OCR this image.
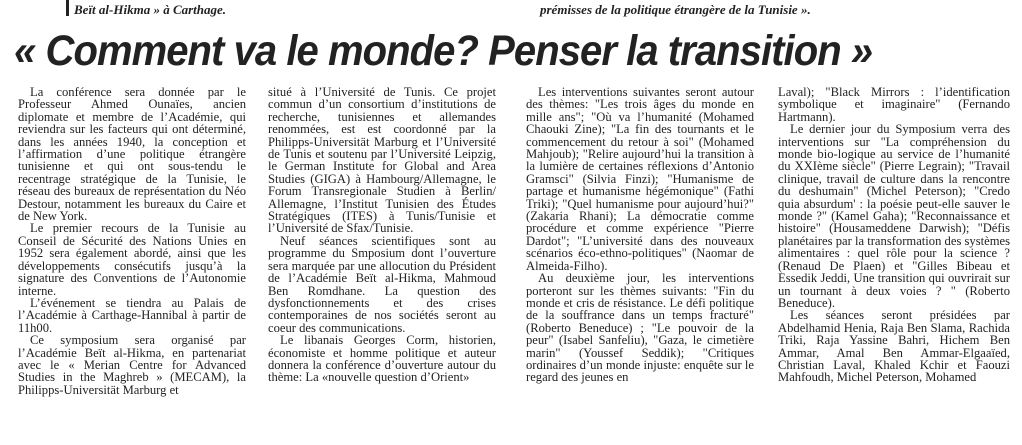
Beït al-Hikma » à Carthage.	prémisses de la politique étrangère de la Tunisie ».
« Comment va le monde? Penser la transition »

La conférence sera donnée par le Professeur Ahmed Ounaïes, ancien diplomate et membre de l’Académie, qui reviendra sur les facteurs qui ont déterminé, dans les années 1940, la conception et l’affirmation d’une politique étrangère tunisienne et qui ont sous-tendu le recentrage stratégique de la Tunisie, le réseau des bureaux de représentation du Néo Destour, notamment les bureaux du Caire et de New York.

Le premier recours de la Tunisie au Conseil de Sécurité des Nations Unies en 1952 sera également abordé, ainsi que les développements consécutifs jusqu’à la signature des Conventions de l’Autonomie interne.

L’événement se tiendra au Palais de l’Académie à Carthage-Hannibal à partir de 11h00.

Ce symposium sera organisé par l’Académie Beït al-Hikma, en partenariat avec le « Merian Centre for Advanced Studies in the Maghreb » (MECAM), la Philipps-Universität Marburg et

situé à l’Université de Tunis. Ce projet commun d’un consortium d’institutions de recherche, tunisiennes et allemandes renommées, est est coordonné par la Philipps-Universität Marburg et l’Université de Tunis et soutenu par l’Université Leipzig, le German Institute for Global and Area Studies (GIGA) à Hambourg/Allemagne, le Forum Transregionale Studien à Berlin/ Allemagne, l’Institut Tunisien des Études Stratégiques (ITES) à Tunis/Tunisie et l’Université de Sfax/Tunisie.

Neuf séances scientifiques sont au programme du Smposium dont l’ouverture sera marquée par une allocution du Président de l’Académie Beït al-Hikma, Mahmoud Ben Romdhane. La question des dysfonctionnements et des crises contemporaines de nos sociétés seront au coeur des communications.

Le libanais Georges Corm, historien, économiste et homme politique et auteur donnera la conférence d’ouverture autour du thème: La «nouvelle question d’Orient»

Les interventions suivantes seront autour des thèmes: "Les trois âges du monde en mille ans"; "Où va l’humanité (Mohamed Chaouki Zine); "La fin des tournants et le commencement du retour à soi" (Mohamed Mahjoub); "Relire aujourd’hui la transition à la lumière de certaines réflexions d’Antonio Gramsci" (Silvia Finzi); "Humanisme de partage et humanisme hégémonique" (Fathi Triki); "Quel humanisme pour aujourd’hui?" (Zakaria Rhani); La démocratie comme procédure et comme expérience "Pierre Dardot"; "L’université dans des nouveaux scénarios éco-ethno-politiques" (Naomar de Almeida-Filho).

Au deuxième jour, les interventions porteront sur les thèmes suivants: "Fin du monde et cris de résistance. Le défi politique de la souffrance dans un temps fracturé" (Roberto Beneduce) ; "Le pouvoir de la peur" (Isabel Sanfeliu), "Gaza, le cimetière marin" (Youssef Seddik); "Critiques ordinaires d’un monde injuste: enquête sur le regard des jeunes en

Laval); "Black Mirrors : l’identification symbolique et imaginaire" (Fernando Hartmann).

Le dernier jour du Symposium verra des interventions sur "La compréhension du monde bio-logique au service de l’humanité du XXIème siècle" (Pierre Legrain); "Travail clinique, travail de culture dans la rencontre du deshumain" (Michel Peterson); "Credo quia absurdum' : la poésie peut-elle sauver le monde ?" (Kamel Gaha); "Reconnaissance et histoire" (Housameddene Darwish); "Défis planétaires par la transformation des systèmes alimentaires : quel rôle pour la science ? (Renaud De Plaen) et "Gilles Bibeau et Essedik Jeddi, Une transition qui ouvrirait sur un tournant à deux voies ? " (Roberto Beneduce).

Les séances seront présidées par Abdelhamid Henia, Raja Ben Slama, Rachida Triki, Raja Yassine Bahri, Hichem Ben Ammar, Amal Ben Ammar-Elgaaïed, Christian Laval, Khaled Kchir et Faouzi Mahfoudh, Michel Peterson, Mohamed
